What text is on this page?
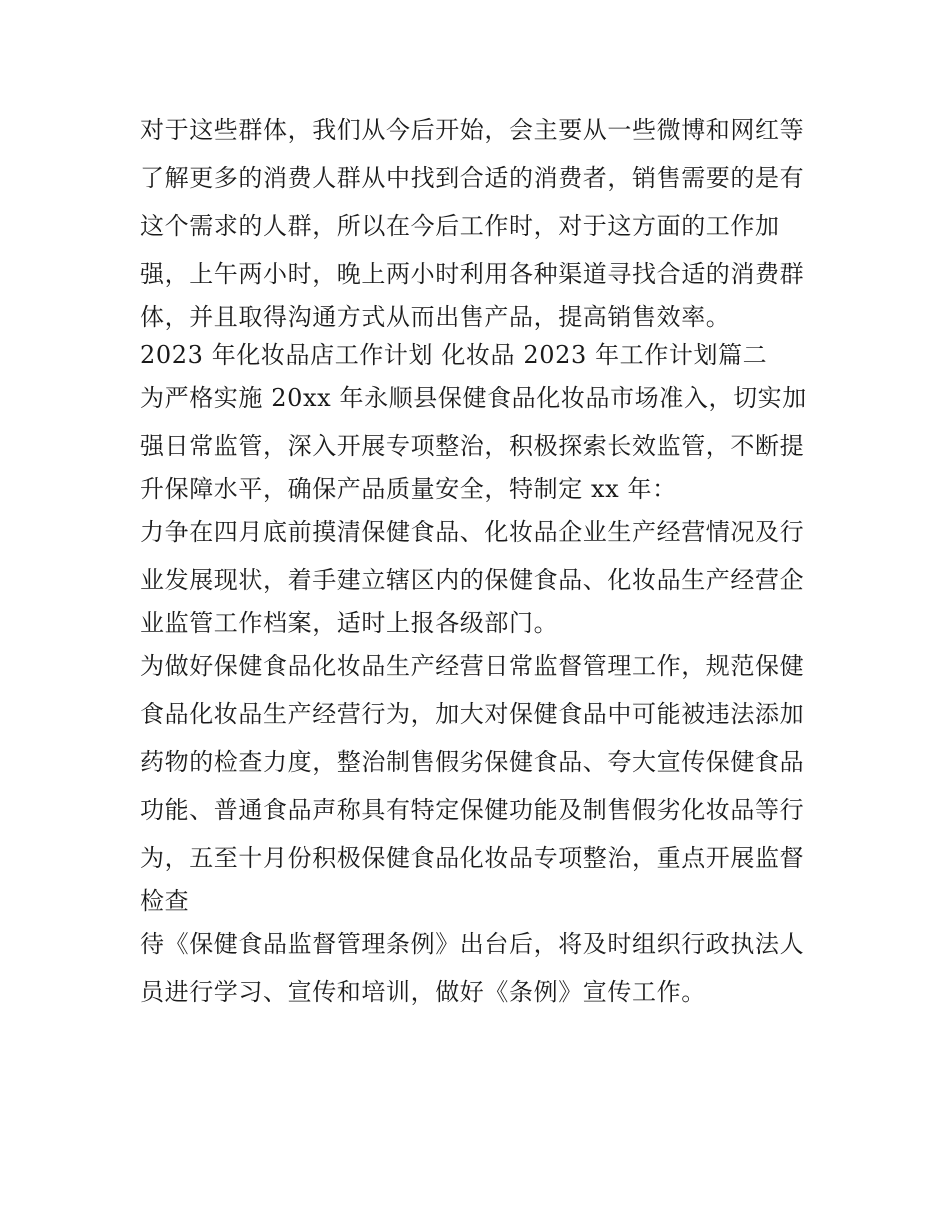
对于这些群体，我们从今后开始，会主要从一些微博和网红等
了解更多的消费人群从中找到合适的消费者，销售需要的是有
这个需求的人群，所以在今后工作时，对于这方面的工作加
强，上午两小时，晚上两小时利用各种渠道寻找合适的消费群
体，并且取得沟通方式从而出售产品，提高销售效率。
2023 年化妆品店工作计划 化妆品 2023 年工作计划篇二
为严格实施 20xx 年永顺县保健食品化妆品市场准入，切实加
强日常监管，深入开展专项整治，积极探索长效监管，不断提
升保障水平，确保产品质量安全，特制定 xx 年：
力争在四月底前摸清保健食品、化妆品企业生产经营情况及行
业发展现状，着手建立辖区内的保健食品、化妆品生产经营企
业监管工作档案，适时上报各级部门。
为做好保健食品化妆品生产经营日常监督管理工作，规范保健
食品化妆品生产经营行为，加大对保健食品中可能被违法添加
药物的检查力度，整治制售假劣保健食品、夸大宣传保健食品
功能、普通食品声称具有特定保健功能及制售假劣化妆品等行
为，五至十月份积极保健食品化妆品专项整治，重点开展监督
检查
待《保健食品监督管理条例》出台后，将及时组织行政执法人
员进行学习、宣传和培训，做好《条例》宣传工作。
